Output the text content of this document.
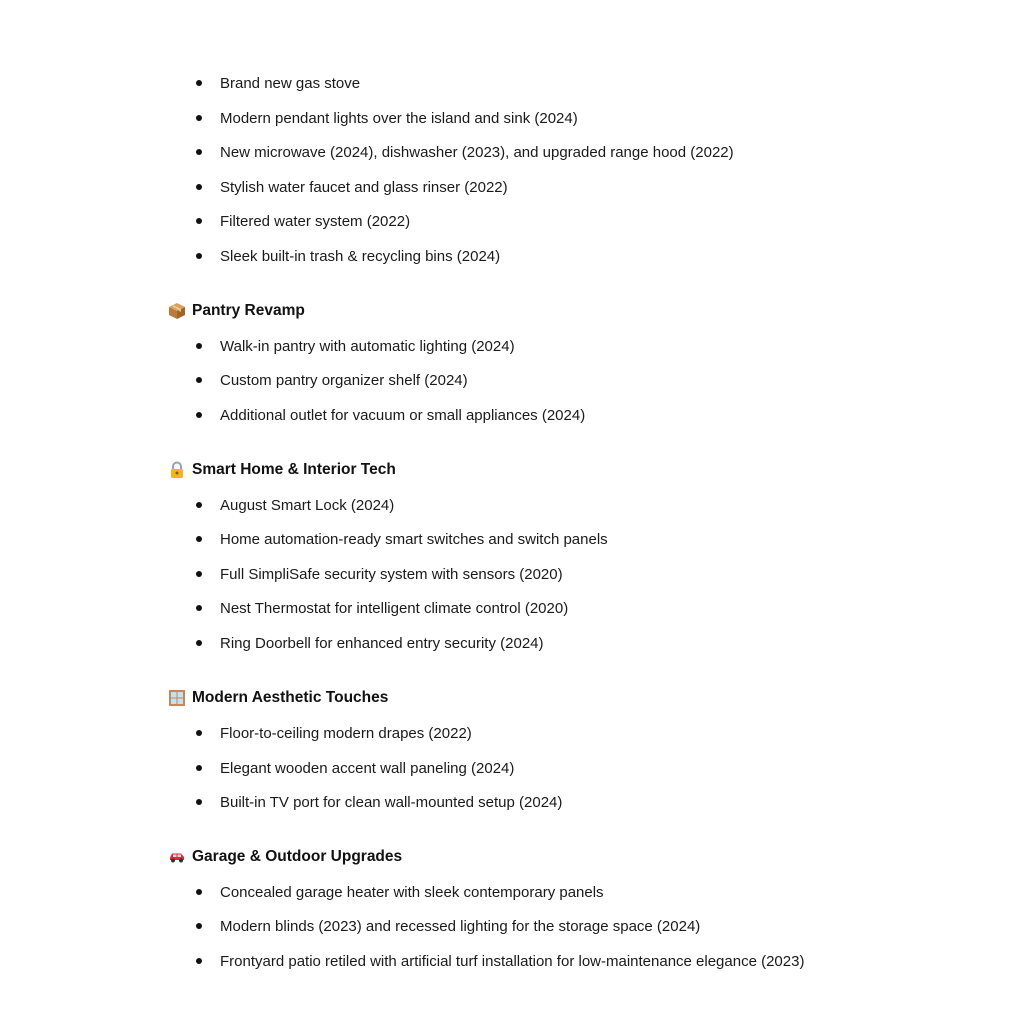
Brand new gas stove
Modern pendant lights over the island and sink (2024)
New microwave (2024), dishwasher (2023), and upgraded range hood (2022)
Stylish water faucet and glass rinser (2022)
Filtered water system (2022)
Sleek built-in trash & recycling bins (2024)
Pantry Revamp
Walk-in pantry with automatic lighting (2024)
Custom pantry organizer shelf (2024)
Additional outlet for vacuum or small appliances (2024)
Smart Home & Interior Tech
August Smart Lock (2024)
Home automation-ready smart switches and switch panels
Full SimpliSafe security system with sensors (2020)
Nest Thermostat for intelligent climate control (2020)
Ring Doorbell for enhanced entry security (2024)
Modern Aesthetic Touches
Floor-to-ceiling modern drapes (2022)
Elegant wooden accent wall paneling (2024)
Built-in TV port for clean wall-mounted setup (2024)
Garage & Outdoor Upgrades
Concealed garage heater with sleek contemporary panels
Modern blinds (2023) and recessed lighting for the storage space (2024)
Frontyard patio retiled with artificial turf installation for low-maintenance elegance (2023)
